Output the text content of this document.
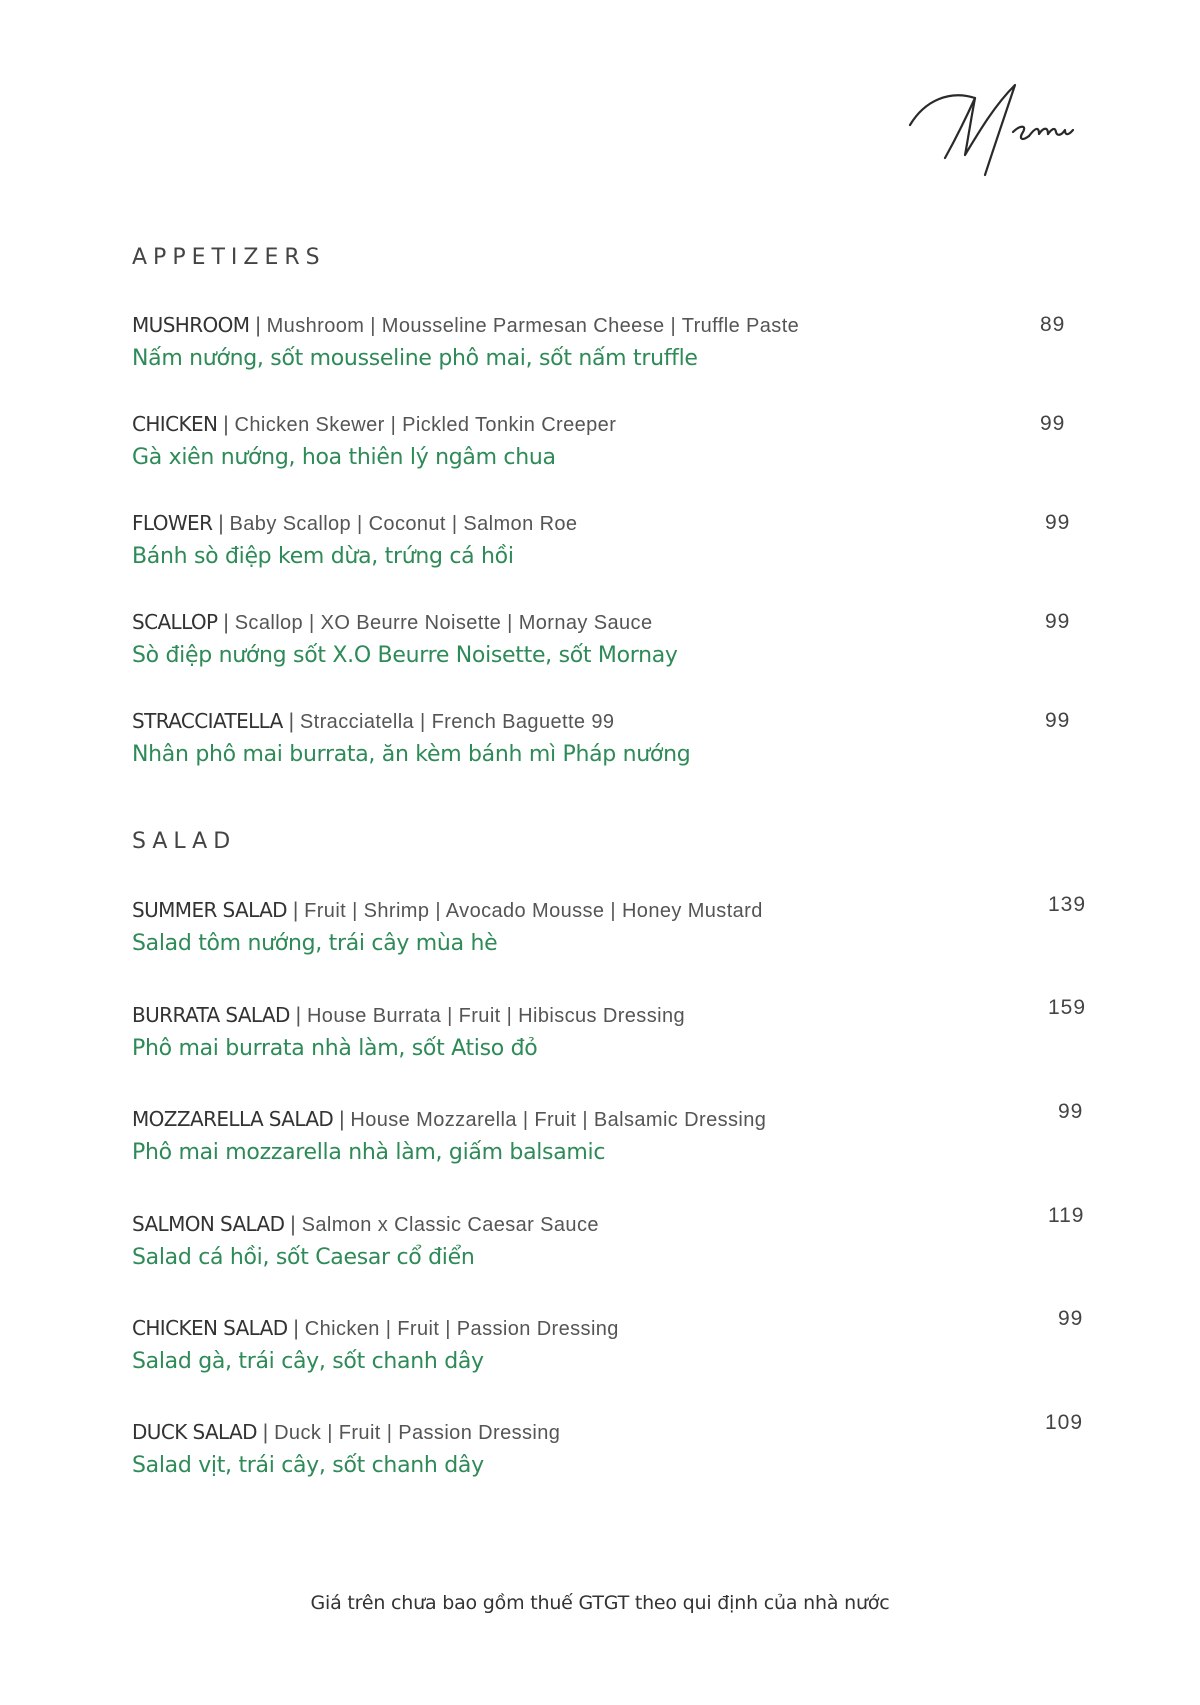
APPETIZERS
MUSHROOM | Mushroom | Mousseline Parmesan Cheese | Truffle Paste
Nấm nướng, sốt mousseline phô mai, sốt nấm truffle
89
CHICKEN | Chicken Skewer | Pickled Tonkin Creeper
Gà xiên nướng, hoa thiên lý ngâm chua
99
FLOWER | Baby Scallop | Coconut | Salmon Roe
Bánh sò điệp kem dừa, trứng cá hồi
99
SCALLOP | Scallop | XO Beurre Noisette | Mornay Sauce
Sò điệp nướng sốt X.O Beurre Noisette, sốt Mornay
99
STRACCIATELLA | Stracciatella | French Baguette 99
Nhân phô mai burrata, ăn kèm bánh mì Pháp nướng
99
SALAD
SUMMER SALAD | Fruit | Shrimp | Avocado Mousse | Honey Mustard
Salad tôm nướng, trái cây mùa hè
139
BURRATA SALAD | House Burrata | Fruit | Hibiscus Dressing
Phô mai burrata nhà làm, sốt Atiso đỏ
159
MOZZARELLA SALAD | House Mozzarella | Fruit | Balsamic Dressing
Phô mai mozzarella nhà làm, giấm balsamic
99
SALMON SALAD | Salmon x Classic Caesar Sauce
Salad cá hồi, sốt Caesar cổ điển
119
CHICKEN SALAD | Chicken | Fruit | Passion Dressing
Salad gà, trái cây, sốt chanh dây
99
DUCK SALAD | Duck | Fruit | Passion Dressing
Salad vịt, trái cây, sốt chanh dây
109
Giá trên chưa bao gồm thuế GTGT theo qui định của nhà nước
